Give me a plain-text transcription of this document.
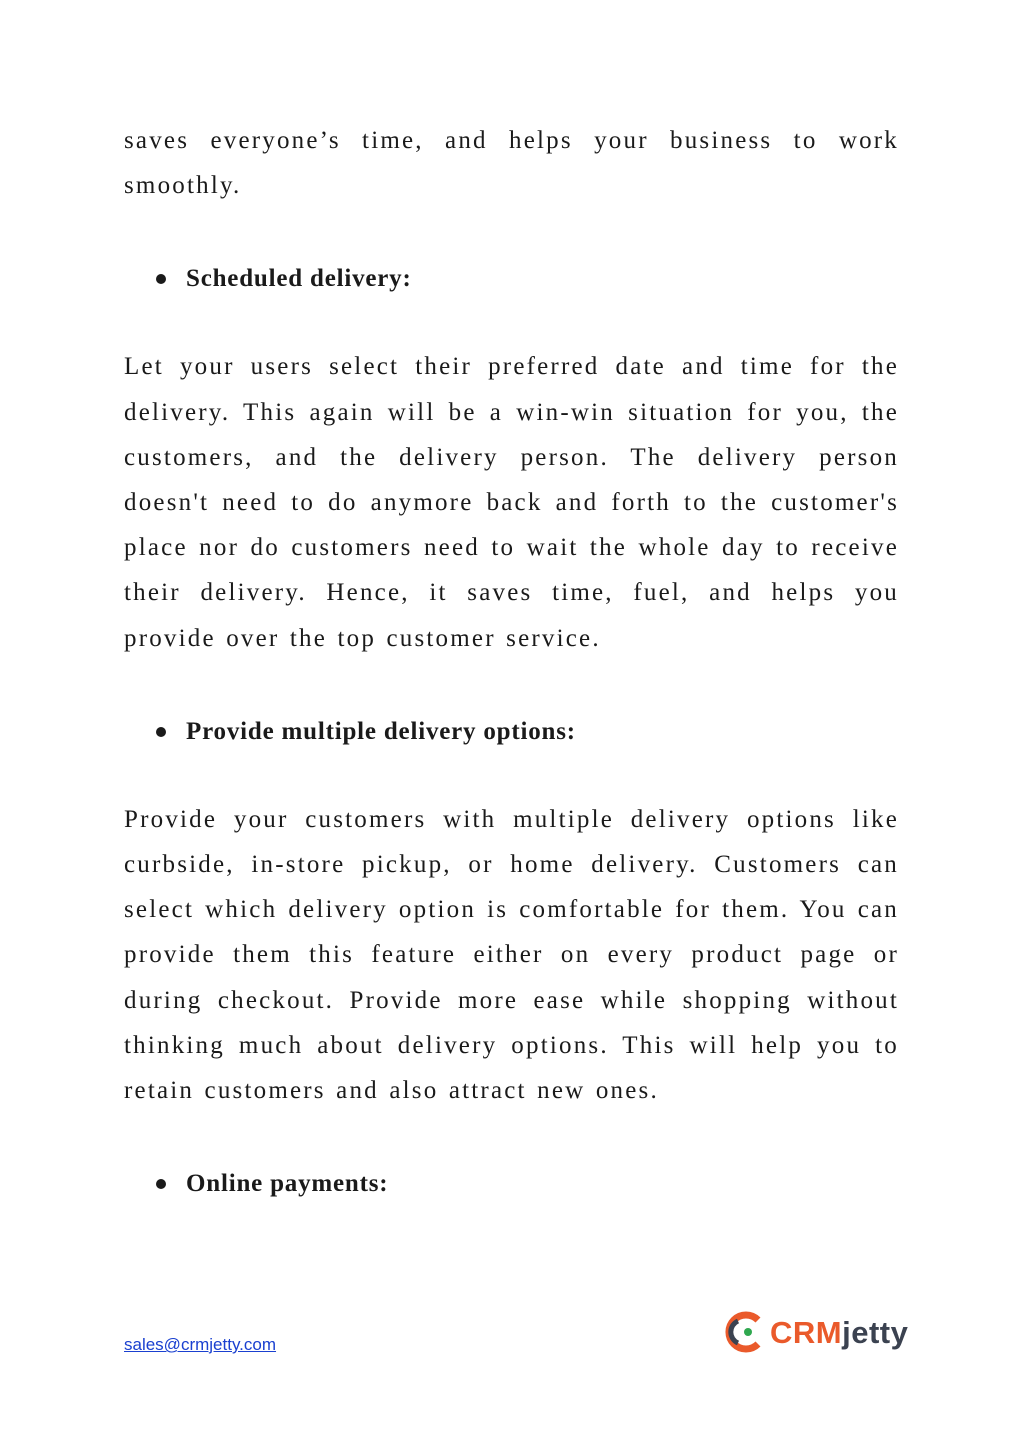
saves everyone’s time, and helps your business to work smoothly.

Scheduled delivery:

Let your users select their preferred date and time for the delivery. This again will be a win-win situation for you, the customers, and the delivery person. The delivery person doesn't need to do anymore back and forth to the customer's place nor do customers need to wait the whole day to receive their delivery. Hence, it saves time, fuel, and helps you provide over the top customer service.

Provide multiple delivery options:

Provide your customers with multiple delivery options like curbside, in-store pickup, or home delivery. Customers can select which delivery option is comfortable for them. You can provide them this feature either on every product page or during checkout. Provide more ease while shopping without thinking much about delivery options. This will help you to retain customers and also attract new ones.

Online payments:
sales@crmjetty.com	CRMjetty
